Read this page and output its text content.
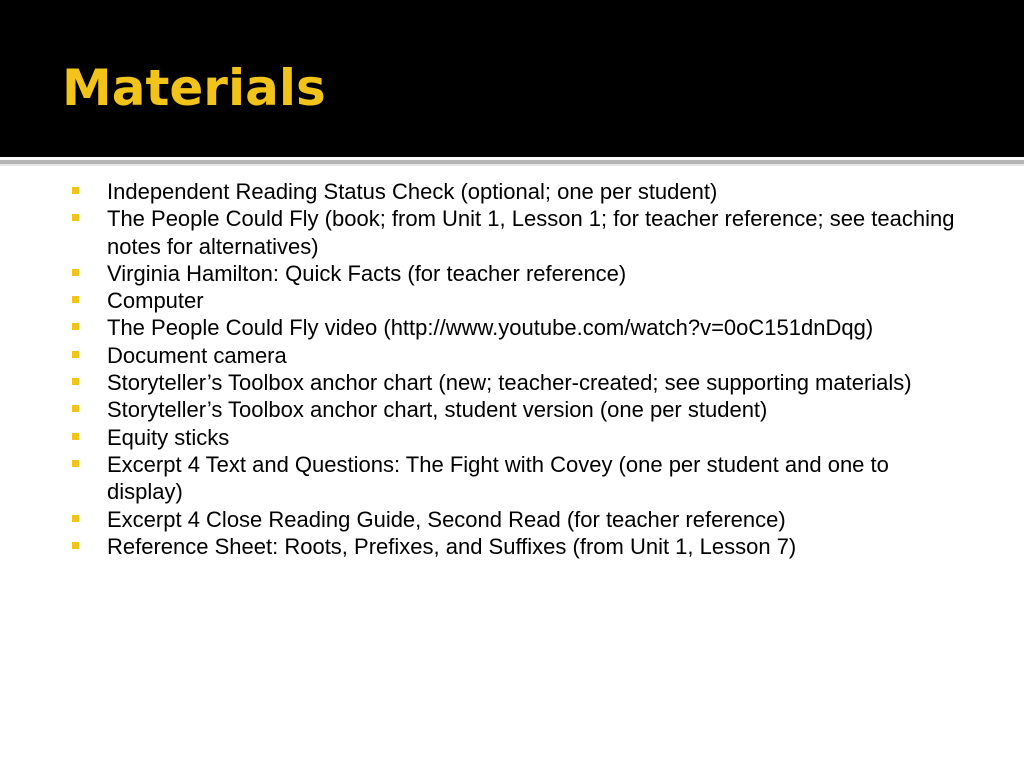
Materials
Independent Reading Status Check (optional; one per student)
The People Could Fly (book; from Unit 1, Lesson 1; for teacher reference; see teaching notes for alternatives)
Virginia Hamilton: Quick Facts (for teacher reference)
Computer
The People Could Fly video (http://www.youtube.com/watch?v=0oC151dnDqg)
Document camera
Storyteller’s Toolbox anchor chart (new; teacher-created; see supporting materials)
Storyteller’s Toolbox anchor chart, student version (one per student)
Equity sticks
Excerpt 4 Text and Questions: The Fight with Covey (one per student and one to display)
Excerpt 4 Close Reading Guide, Second Read (for teacher reference)
Reference Sheet: Roots, Prefixes, and Suffixes (from Unit 1, Lesson 7)
